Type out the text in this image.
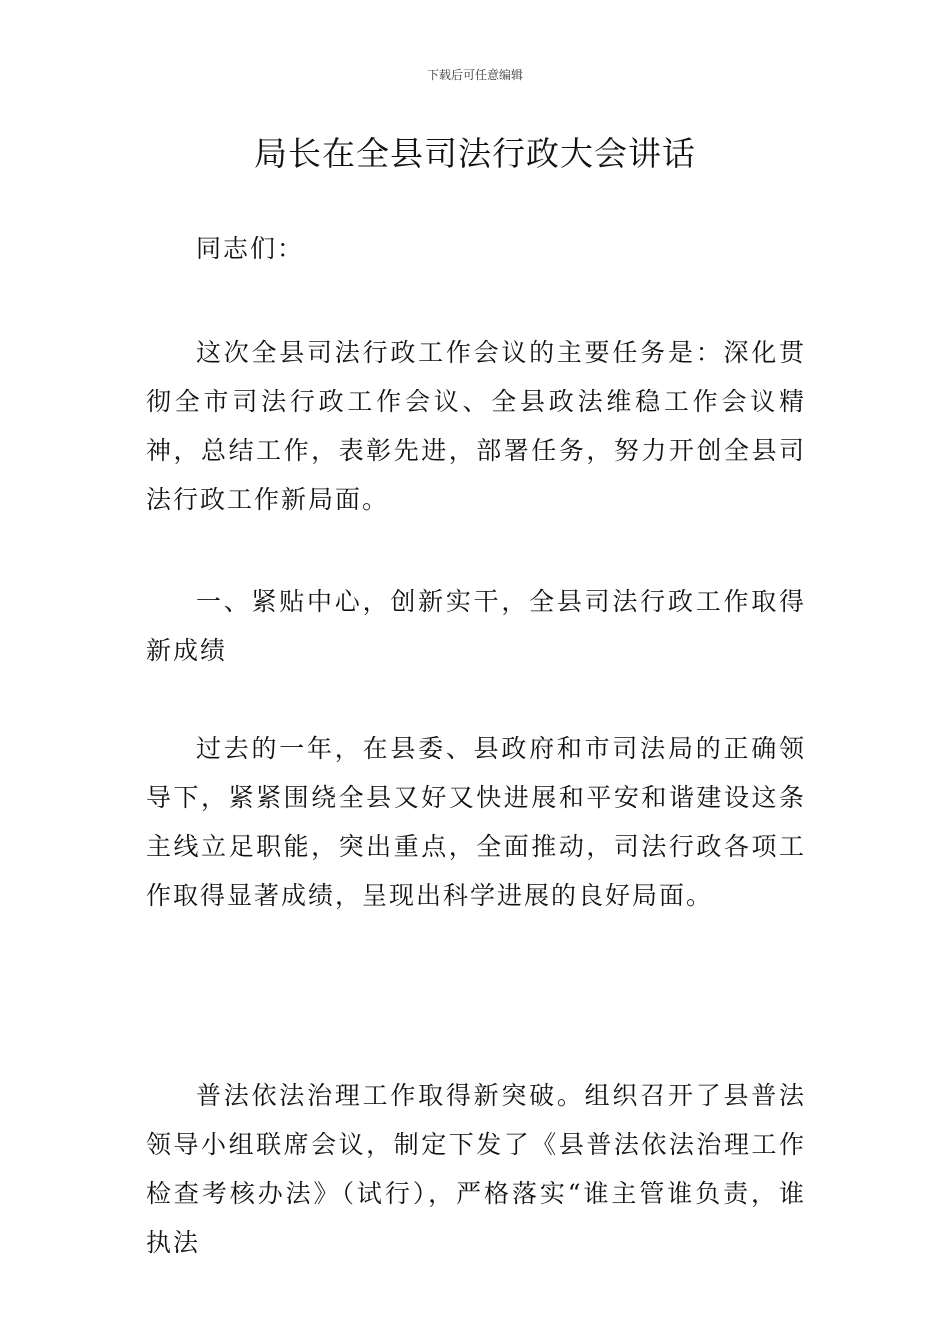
下载后可任意编辑
局长在全县司法行政大会讲话

同志们：

这次全县司法行政工作会议的主要任务是：深化贯彻全市司法行政工作会议、全县政法维稳工作会议精神，总结工作，表彰先进，部署任务，努力开创全县司法行政工作新局面。

一、紧贴中心，创新实干，全县司法行政工作取得新成绩

过去的一年，在县委、县政府和市司法局的正确领导下，紧紧围绕全县又好又快进展和平安和谐建设这条主线立足职能，突出重点，全面推动，司法行政各项工作取得显著成绩，呈现出科学进展的良好局面。

普法依法治理工作取得新突破。组织召开了县普法领导小组联席会议，制定下发了《县普法依法治理工作检查考核办法》（试行），严格落实“谁主管谁负责，谁执法
